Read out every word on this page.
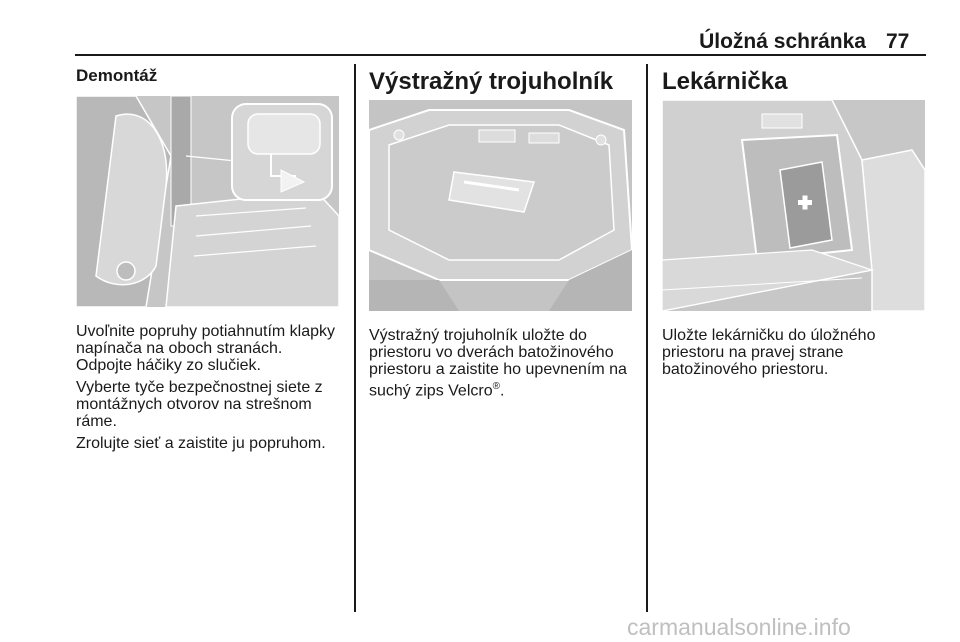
Úložná schránka 77
Demontáž

Uvoľnite popruhy potiahnutím klapky napínača na oboch stranách. Odpojte háčiky zo slučiek.

Vyberte tyče bezpečnostnej siete z montážnych otvorov na strešnom ráme.

Zrolujte sieť a zaistite ju popruhom.

Výstražný trojuholník

Výstražný trojuholník uložte do priestoru vo dverách batožinového priestoru a zaistite ho upevnením na suchý zips Velcro®.

Lekárnička

Uložte lekárničku do úložného priestoru na pravej strane batožinového priestoru.

carmanualsonline.info
